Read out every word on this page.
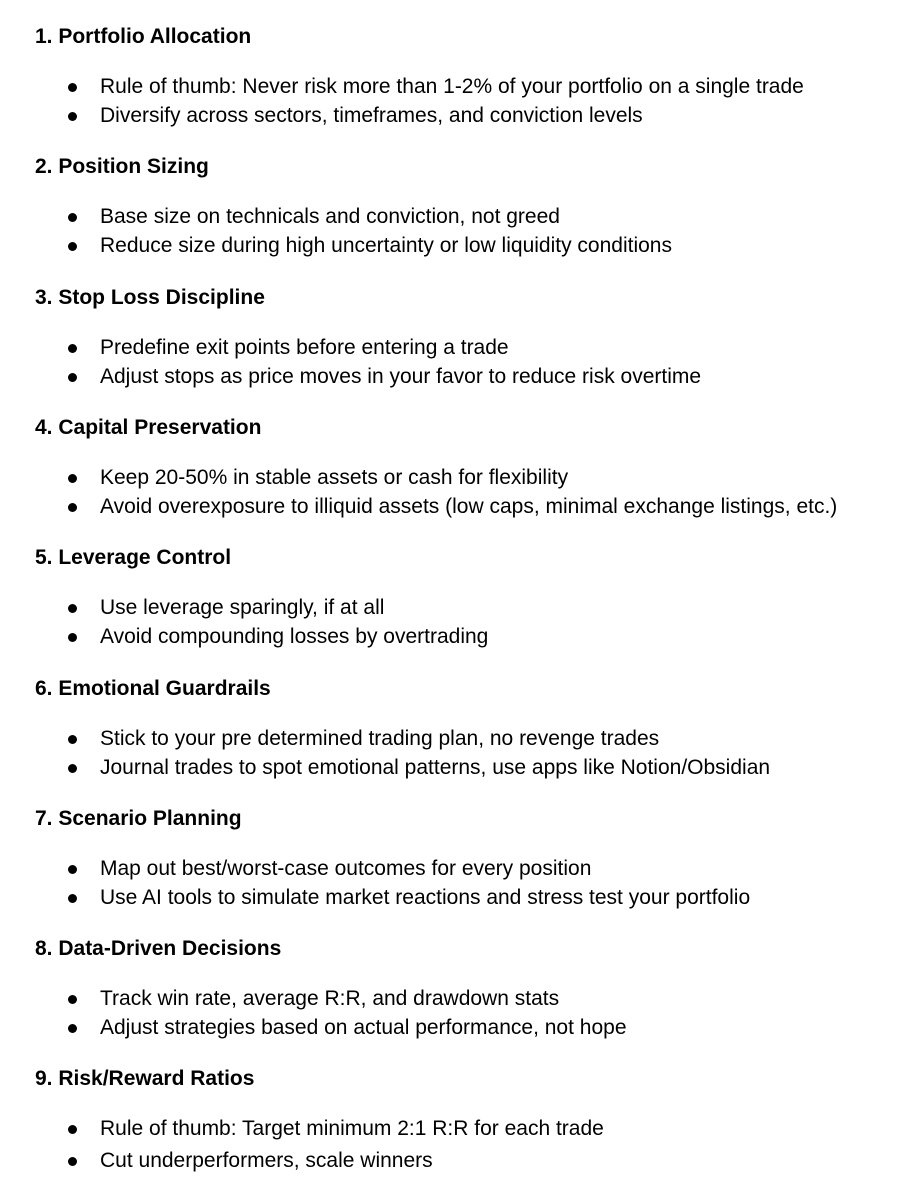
1. Portfolio Allocation
Rule of thumb: Never risk more than 1-2% of your portfolio on a single trade
Diversify across sectors, timeframes, and conviction levels
2. Position Sizing
Base size on technicals and conviction, not greed
Reduce size during high uncertainty or low liquidity conditions
3. Stop Loss Discipline
Predefine exit points before entering a trade
Adjust stops as price moves in your favor to reduce risk overtime
4. Capital Preservation
Keep 20-50% in stable assets or cash for flexibility
Avoid overexposure to illiquid assets (low caps, minimal exchange listings, etc.)
5. Leverage Control
Use leverage sparingly, if at all
Avoid compounding losses by overtrading
6. Emotional Guardrails
Stick to your pre determined trading plan, no revenge trades
Journal trades to spot emotional patterns, use apps like Notion/Obsidian
7. Scenario Planning
Map out best/worst-case outcomes for every position
Use AI tools to simulate market reactions and stress test your portfolio
8. Data-Driven Decisions
Track win rate, average R:R, and drawdown stats
Adjust strategies based on actual performance, not hope
9. Risk/Reward Ratios
Rule of thumb: Target minimum 2:1 R:R for each trade
Cut underperformers, scale winners
